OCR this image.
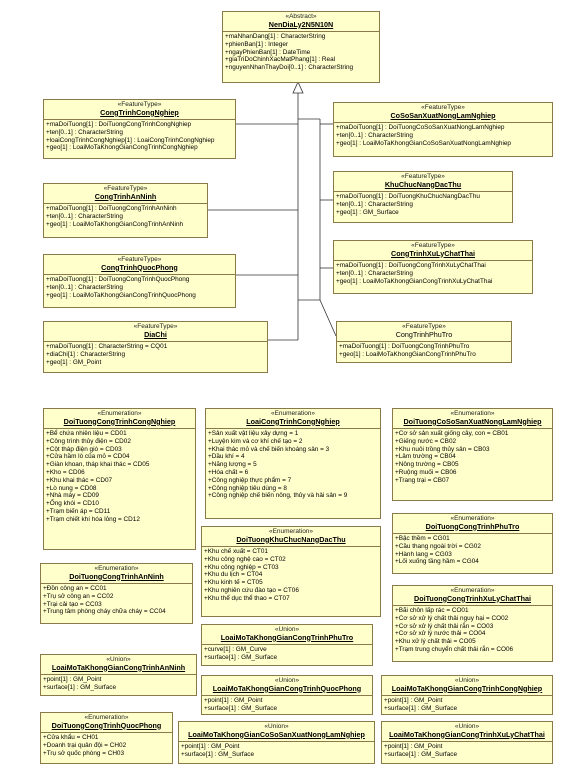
«Abstract»
NenDiaLy2N5N10N
+maNhanDang[1] : CharacterString
+phienBan[1] : Integer
+ngayPhienBan[1] : DateTime
+giaTriDoChinhXacMatPhang[1] : Real
+nguyenNhanThayDoi[0..1] : CharacterString
«FeatureType»
CongTrinhCongNghiep
+maDoiTuong[1] : DoiTuongCongTrinhCongNghiep
+ten[0..1] : CharacterString
+loaiCongTrinhCongNghiep[1] : LoaiCongTrinhCongNghiep
+geo[1] : LoaiMoTaKhongGianCongTrinhCongNghiep
«FeatureType»
CoSoSanXuatNongLamNghiep
+maDoiTuong[1] : DoiTuongCoSoSanXuatNongLamNghiep
+ten[0..1] : CharacterString
+geo[1] : LoaiMoTaKhongGianCoSoSanXuatNongLamNghiep
«FeatureType»
KhuChucNangDacThu
+maDoiTuong[1] : DoiTuongKhuChucNangDacThu
+ten[0..1] : CharacterString
+geo[1] : GM_Surface
«FeatureType»
CongTrinhAnNinh
+maDoiTuong[1] : DoiTuongCongTrinhAnNinh
+ten[0..1] : CharacterString
+geo[1] : LoaiMoTaKhongGianCongTrinhAnNinh
«FeatureType»
CongTrinhXuLyChatThai
+maDoiTuong[1] : DoiTuongCongTrinhXuLyChatThai
+ten[0..1] : CharacterString
+geo[1] : LoaiMoTaKhongGianCongTrinhXuLyChatThai
«FeatureType»
CongTrinhQuocPhong
+maDoiTuong[1] : DoiTuongCongTrinhQuocPhong
+ten[0..1] : CharacterString
+geo[1] : LoaiMoTaKhongGianCongTrinhQuocPhong
«FeatureType»
DiaChi
+maDoiTuong[1] : CharacterString = CQ01
+diaChi[1] : CharacterString
+geo[1] : GM_Point
«FeatureType»
CongTrinhPhuTro
+maDoiTuong[1] : DoiTuongCongTrinhPhuTro
+geo[1] : LoaiMoTaKhongGianCongTrinhPhuTro
«Enumeration»
DoiTuongCongTrinhCongNghiep
+Bể chứa nhiên liệu = CD01
+Công trình thủy điện = CD02
+Cột tháp điện gió = CD03
+Cửa hầm lò của mỏ = CD04
+Giàn khoan, tháp khai thác = CD05
+Kho = CD06
+Khu khai thác = CD07
+Lò nung = CD08
+Nhà máy = CD09
+Ống khói = CD10
+Trạm biến áp = CD11
+Trạm chiết khí hóa lỏng = CD12
«Enumeration»
LoaiCongTrinhCongNghiep
+Sản xuất vật liệu xây dựng = 1
+Luyện kim và cơ khí chế tạo = 2
+Khai thác mỏ và chế biến khoáng sản = 3
+Dầu khí = 4
+Năng lượng = 5
+Hóa chất = 6
+Công nghiệp thực phẩm = 7
+Công nghiệp tiêu dùng = 8
+Công nghiệp chế biến nông, thủy và hải sản = 9
«Enumeration»
DoiTuongCoSoSanXuatNongLamNghiep
+Cơ sở sản xuất giống cây, con = CB01
+Giếng nước = CB02
+Khu nuôi trồng thủy sản = CB03
+Lâm trường = CB04
+Nông trường = CB05
+Ruộng muối = CB06
+Trang trại = CB07
«Enumeration»
DoiTuongKhuChucNangDacThu
+Khu chế xuất = CT01
+Khu công nghệ cao = CT02
+Khu công nghiệp = CT03
+Khu du lịch = CT04
+Khu kinh tế = CT05
+Khu nghiên cứu đào tạo = CT06
+Khu thể dục thể thao = CT07
«Enumeration»
DoiTuongCongTrinhPhuTro
+Bậc thềm = CG01
+Cầu thang ngoài trời = CG02
+Hành lang = CG03
+Lối xuống tầng hầm = CG04
«Enumeration»
DoiTuongCongTrinhAnNinh
+Đồn công an = CC01
+Trụ sở công an = CC02
+Trại cải tạo = CC03
+Trung tâm phòng cháy chữa cháy = CC04
«Enumeration»
DoiTuongCongTrinhXuLyChatThai
+Bãi chôn lấp rác = CO01
+Cơ sở xử lý chất thải nguy hại = CO02
+Cơ sở xử lý chất thải rắn = CO03
+Cơ sở xử lý nước thải = CO04
+Khu xử lý chất thải = CO05
+Trạm trung chuyển chất thải rắn = CO06
«Union»
LoaiMoTaKhongGianCongTrinhPhuTro
+curve[1] : GM_Curve
+surface[1] : GM_Surface
«Union»
LoaiMoTaKhongGianCongTrinhAnNinh
+point[1] : GM_Point
+surface[1] : GM_Surface
«Union»
LoaiMoTaKhongGianCongTrinhQuocPhong
+point[1] : GM_Point
+surface[1] : GM_Surface
«Union»
LoaiMoTaKhongGianCongTrinhCongNghiep
+point[1] : GM_Point
+surface[1] : GM_Surface
«Enumeration»
DoiTuongCongTrinhQuocPhong
+Cửa khẩu = CH01
+Doanh trại quân đội = CH02
+Trụ sở quốc phòng = CH03
«Union»
LoaiMoTaKhongGianCoSoSanXuatNongLamNghiep
+point[1] : GM_Point
+surface[1] : GM_Surface
«Union»
LoaiMoTaKhongGianCongTrinhXuLyChatThai
+point[1] : GM_Point
+surface[1] : GM_Surface
